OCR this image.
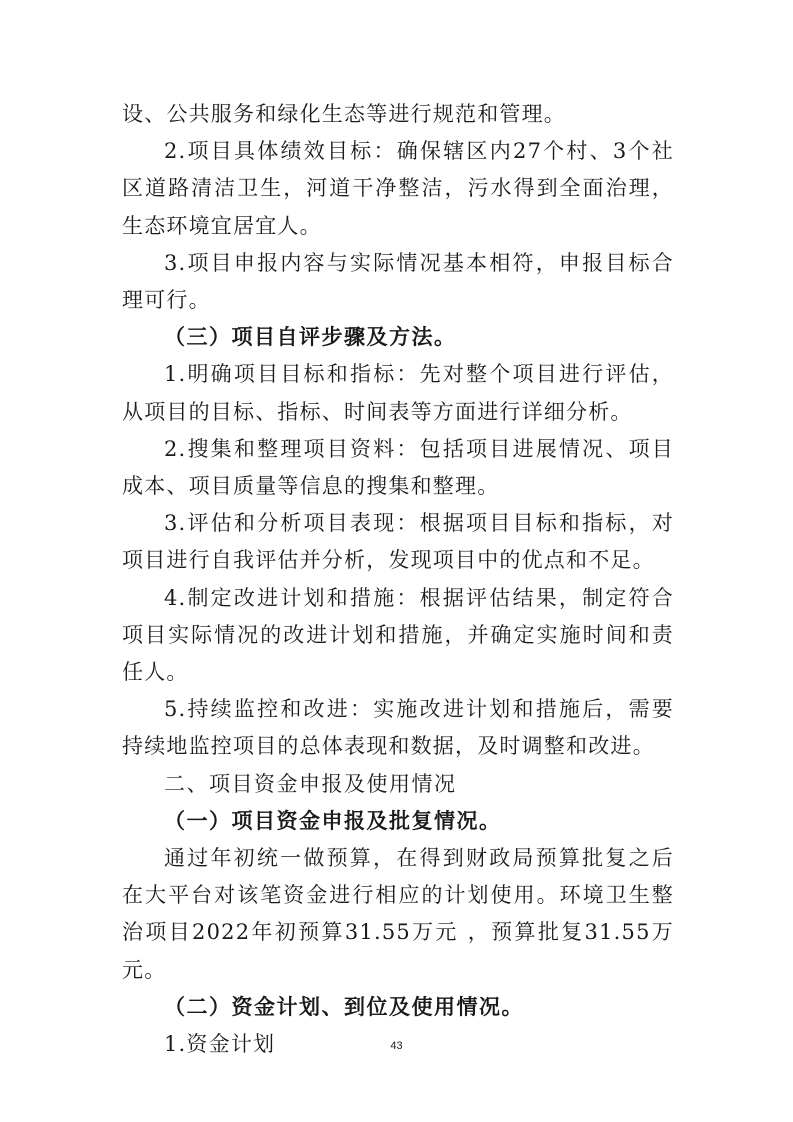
设、公共服务和绿化生态等进行规范和管理。

2.项目具体绩效目标：确保辖区内27个村、3个社区道路清洁卫生，河道干净整洁，污水得到全面治理，生态环境宜居宜人。

3.项目申报内容与实际情况基本相符，申报目标合理可行。

（三）项目自评步骤及方法。

1.明确项目目标和指标：先对整个项目进行评估，从项目的目标、指标、时间表等方面进行详细分析。

2.搜集和整理项目资料：包括项目进展情况、项目成本、项目质量等信息的搜集和整理。

3.评估和分析项目表现：根据项目目标和指标，对项目进行自我评估并分析，发现项目中的优点和不足。

4.制定改进计划和措施：根据评估结果，制定符合项目实际情况的改进计划和措施，并确定实施时间和责任人。

5.持续监控和改进：实施改进计划和措施后，需要持续地监控项目的总体表现和数据，及时调整和改进。

二、项目资金申报及使用情况

（一）项目资金申报及批复情况。

通过年初统一做预算，在得到财政局预算批复之后在大平台对该笔资金进行相应的计划使用。环境卫生整治项目2022年初预算31.55万元 ，预算批复31.55万元。

（二）资金计划、到位及使用情况。

1.资金计划	43
